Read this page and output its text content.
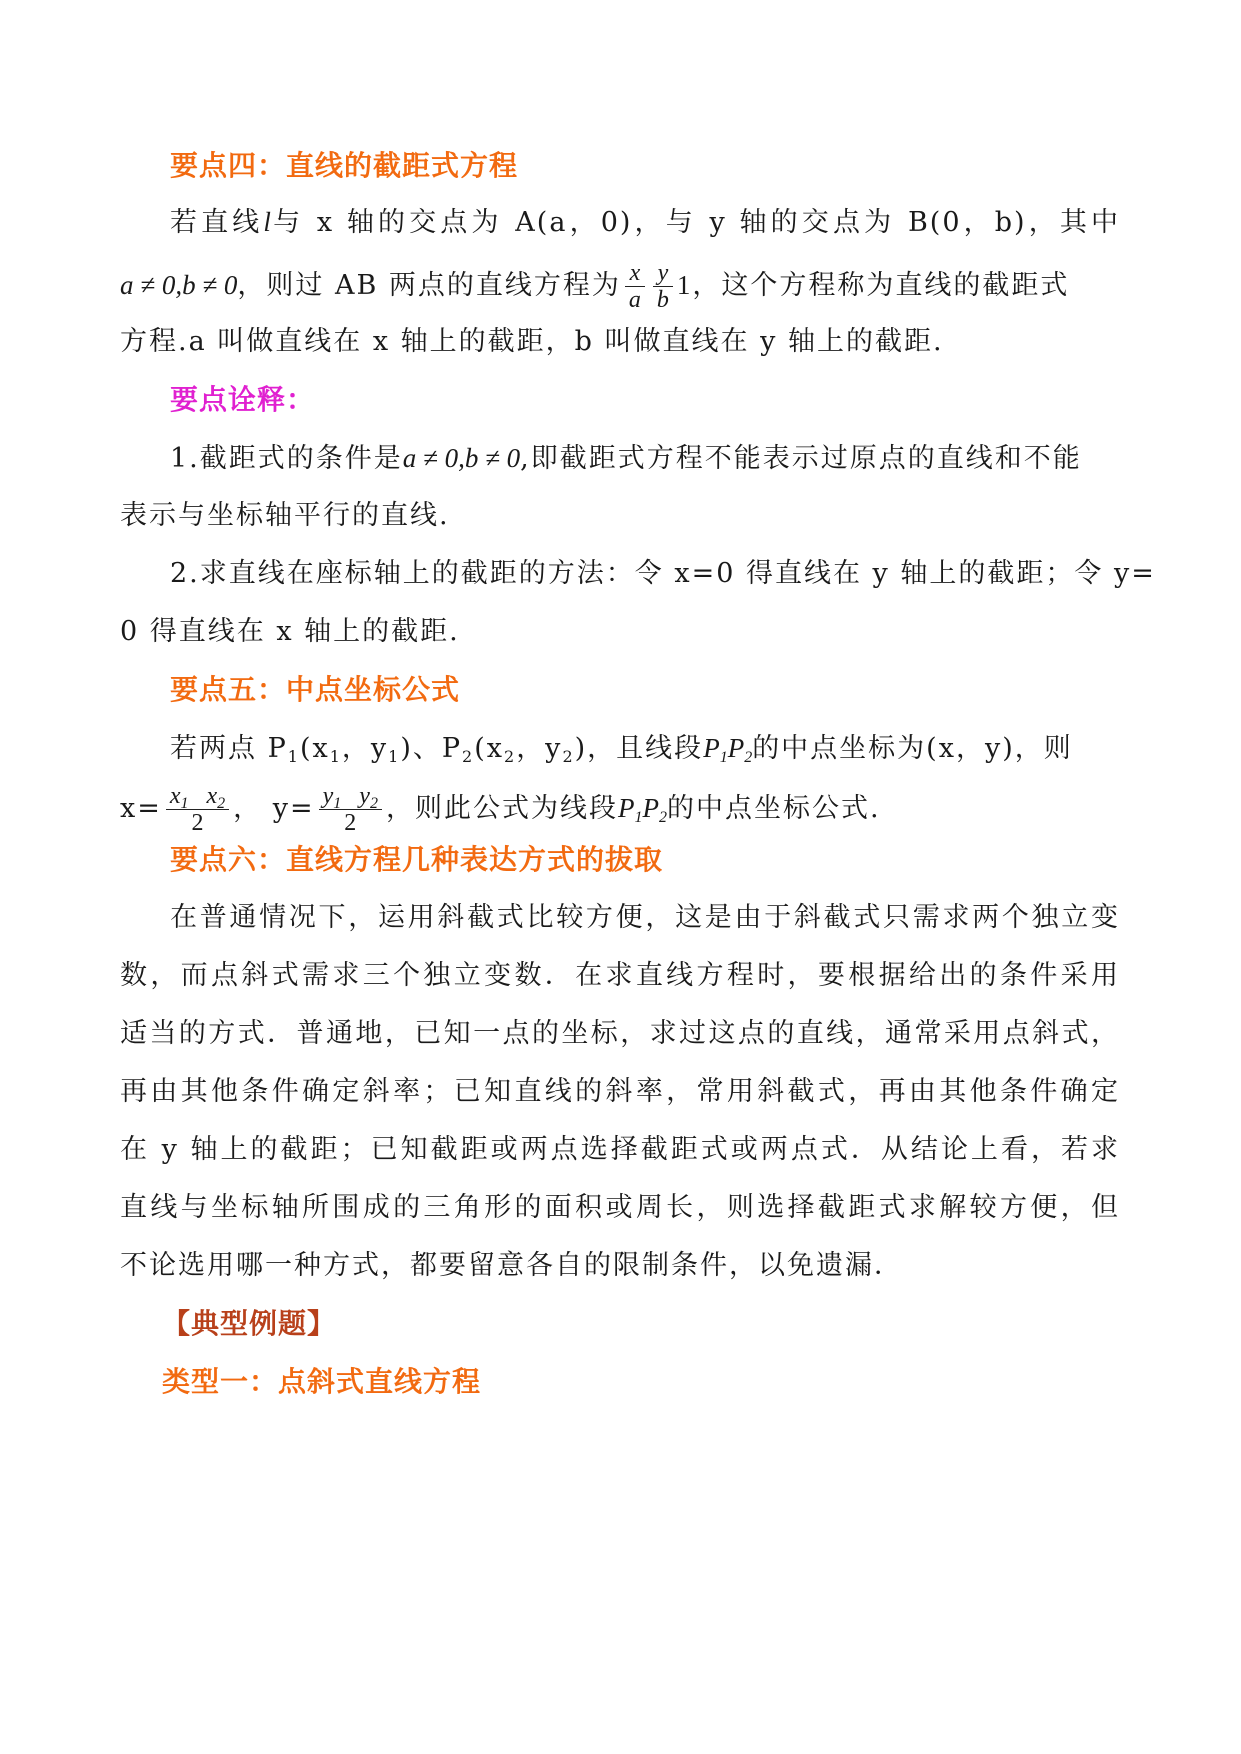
要点四：直线的截距式方程
若直线l与 x 轴的交点为 A(a，0)，与 y 轴的交点为 B(0，b)，其中
a ≠ 0,b ≠ 0，则过 AB 两点的直线方程为 $\frac{x}{a} \frac{y}{b} 1$，这个方程称为直线的截距式
方程.a 叫做直线在 x 轴上的截距，b 叫做直线在 y 轴上的截距.
要点诠释：
1.截距式的条件是a ≠ 0,b ≠ 0,即截距式方程不能表示过原点的直线和不能
表示与坐标轴平行的直线.
2.求直线在座标轴上的截距的方法：令 x=0 得直线在 y 轴上的截距；令 y=
0 得直线在 x 轴上的截距.
要点五：中点坐标公式
若两点 $P_1(x_1$，$y_1$)、$P_2(x_2$，$y_2$)，且线段$P_1P_2$的中点坐标为(x，y)，则
$x= \frac{x_1 x_2}{2}$ ， $y= \frac{y_1 y_2}{2}$ ，则此公式为线段$P_1P_2$的中点坐标公式.
要点六：直线方程几种表达方式的拔取
在普通情况下，运用斜截式比较方便，这是由于斜截式只需求两个独立变
数，而点斜式需求三个独立变数．在求直线方程时，要根据给出的条件采用
适当的方式．普通地，已知一点的坐标，求过这点的直线，通常采用点斜式，
再由其他条件确定斜率；已知直线的斜率，常用斜截式，再由其他条件确定
在 y 轴上的截距；已知截距或两点选择截距式或两点式．从结论上看，若求
直线与坐标轴所围成的三角形的面积或周长，则选择截距式求解较方便，但
不论选用哪一种方式，都要留意各自的限制条件，以免遗漏．
【典型例题】
类型一：点斜式直线方程
